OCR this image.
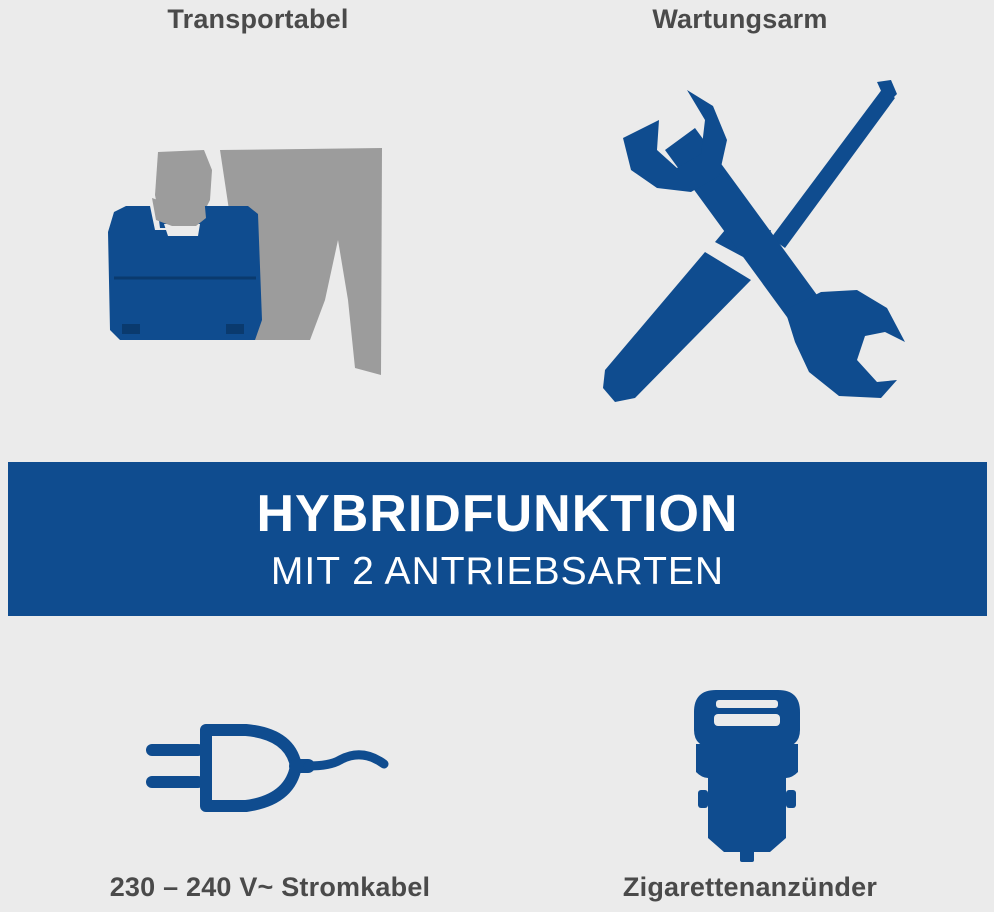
Transportabel	Wartungsarm
HYBRIDFUNKTION
MIT 2 ANTRIEBSARTEN
230 – 240 V~ Stromkabel	Zigarettenanzünder
